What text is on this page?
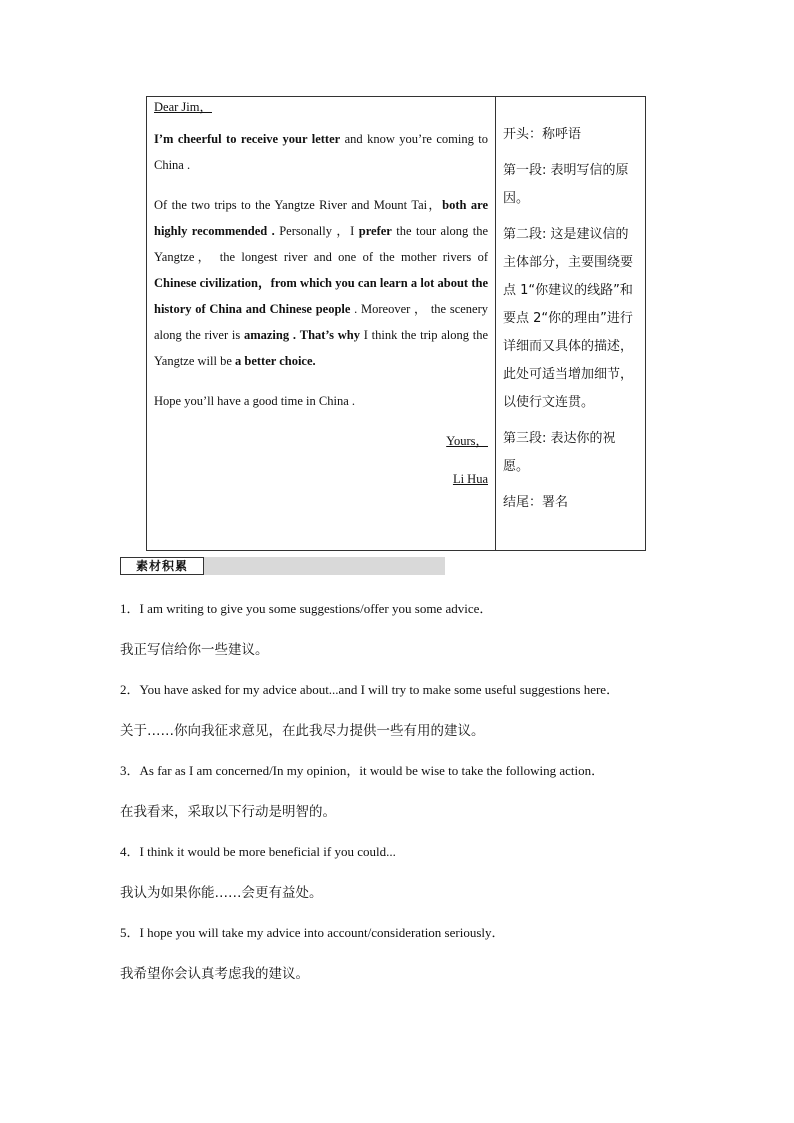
Dear Jim，

I’m cheerful to receive your letter and know you’re coming to China .

Of the two trips to the Yangtze River and Mount Tai，both are highly recommended . Personally ，I prefer the tour along the Yangtze， the longest river and one of the mother rivers of Chinese civilization，from which you can learn a lot about the history of China and Chinese people . Moreover ， the scenery along the river is amazing . That’s why I think the trip along the Yangtze will be a better choice.

Hope you’ll have a good time in China .

Yours，

Li Hua

开头：称呼语

第一段: 表明写信的原因。

第二段: 这是建议信的主体部分，主要围绕要点 1“你建议的线路”和要点 2“你的理由”进行详细而又具体的描述，此处可适当增加细节，以使行文连贯。

第三段: 表达你的祝愿。

结尾：署名

素材积累

1．I am writing to give you some suggestions/offer you some advice．

我正写信给你一些建议。

2．You have asked for my advice about...and I will try to make some useful suggestions here．

关于……你向我征求意见，在此我尽力提供一些有用的建议。

3．As far as I am concerned/In my opinion，it would be wise to take the following action．

在我看来，采取以下行动是明智的。

4．I think it would be more beneficial if you could...

我认为如果你能……会更有益处。

5．I hope you will take my advice into account/consideration seriously．

我希望你会认真考虑我的建议。
